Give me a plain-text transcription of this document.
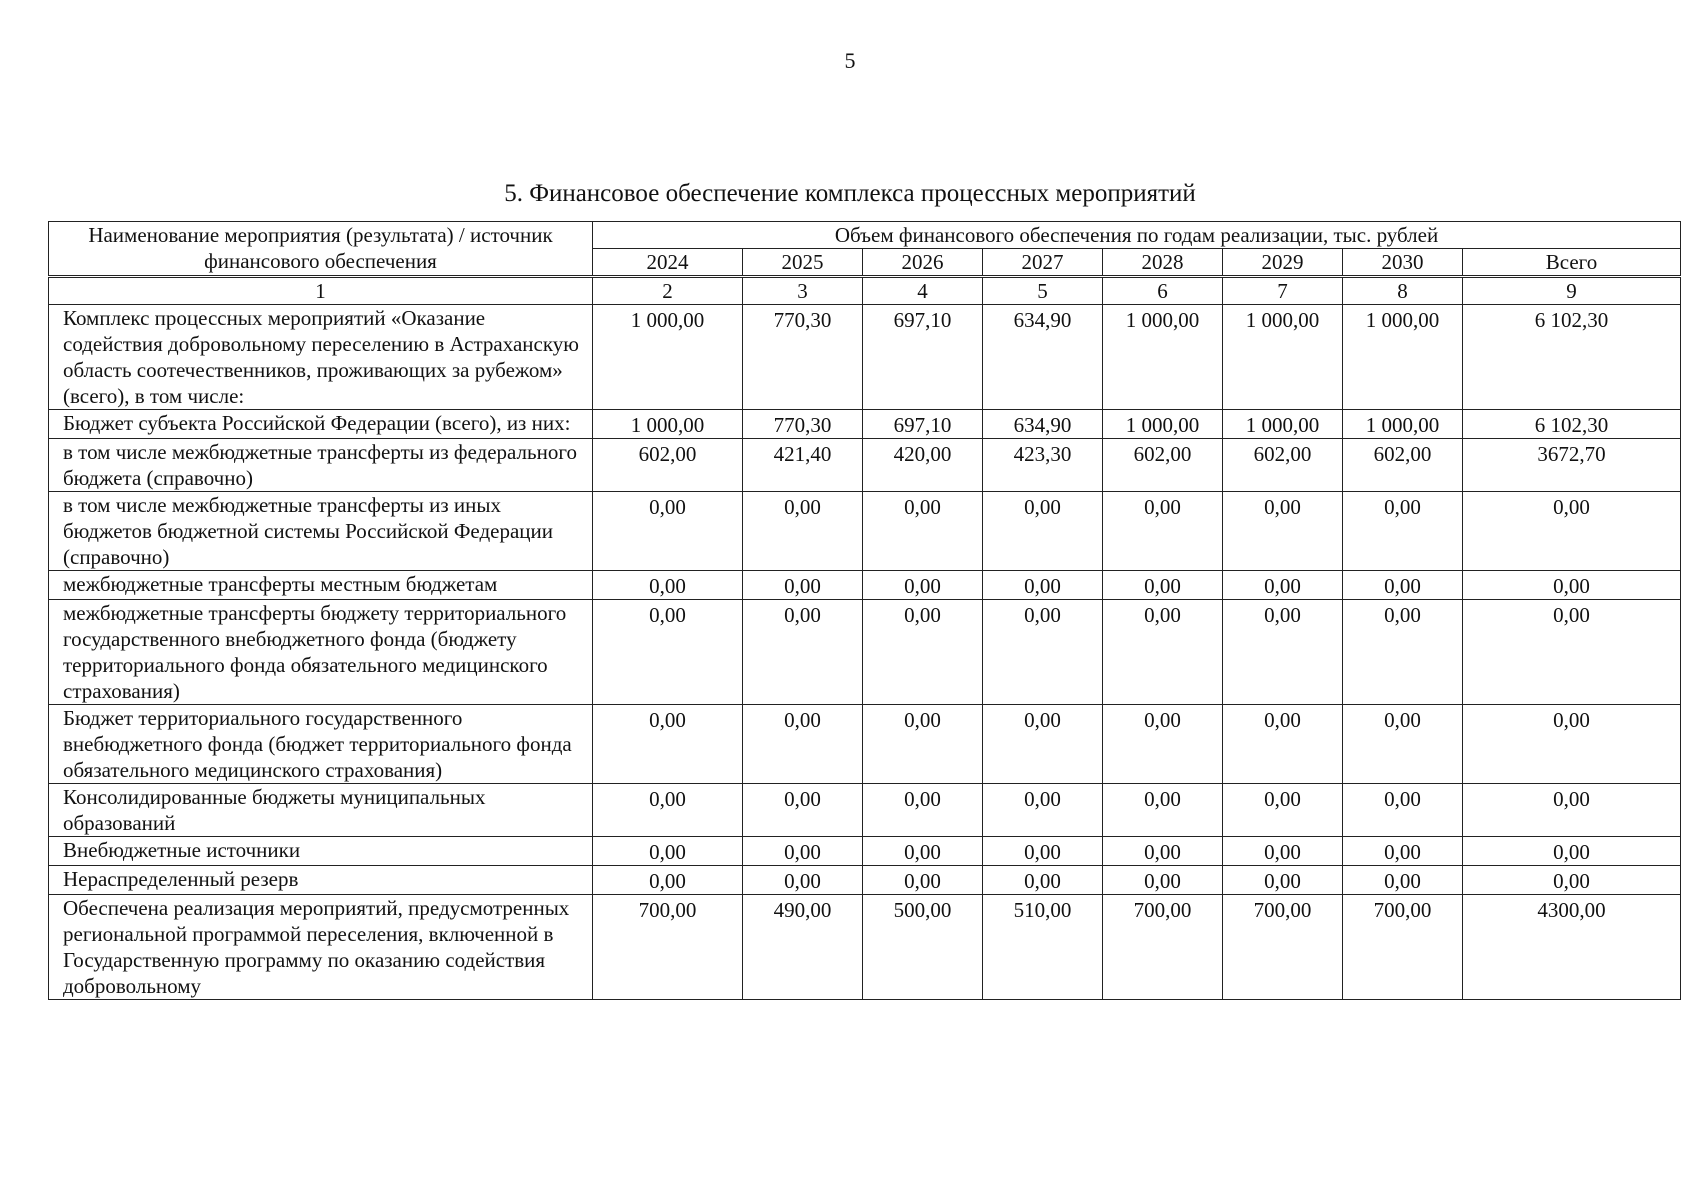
5
5. Финансовое обеспечение комплекса процессных мероприятий
Наименование мероприятия (результата) / источник финансового обеспечения	Объем финансового обеспечения по годам реализации, тыс. рублей							
	2024	2025	2026	2027	2028	2029	2030	Всего
1	2	3	4	5	6	7	8	9
Комплекс процессных мероприятий «Оказание содействия добровольному переселению в Астраханскую область соотечественников, проживающих за рубежом» (всего), в том числе:	1 000,00	770,30	697,10	634,90	1 000,00	1 000,00	1 000,00	6 102,30
Бюджет субъекта Российской Федерации (всего), из них:	1 000,00	770,30	697,10	634,90	1 000,00	1 000,00	1 000,00	6 102,30
в том числе межбюджетные трансферты из федерального бюджета (справочно)	602,00	421,40	420,00	423,30	602,00	602,00	602,00	3672,70
в том числе межбюджетные трансферты из иных бюджетов бюджетной системы Российской Федерации (справочно)	0,00	0,00	0,00	0,00	0,00	0,00	0,00	0,00
межбюджетные трансферты местным бюджетам	0,00	0,00	0,00	0,00	0,00	0,00	0,00	0,00
межбюджетные трансферты бюджету территориального государственного внебюджетного фонда (бюджету территориального фонда обязательного медицинского страхования)	0,00	0,00	0,00	0,00	0,00	0,00	0,00	0,00
Бюджет территориального государственного внебюджетного фонда (бюджет территориального фонда обязательного медицинского страхования)	0,00	0,00	0,00	0,00	0,00	0,00	0,00	0,00
Консолидированные бюджеты муниципальных образований	0,00	0,00	0,00	0,00	0,00	0,00	0,00	0,00
Внебюджетные источники	0,00	0,00	0,00	0,00	0,00	0,00	0,00	0,00
Нераспределенный резерв	0,00	0,00	0,00	0,00	0,00	0,00	0,00	0,00
Обеспечена реализация мероприятий, предусмотренных региональной программой переселения, включенной в Государственную программу по оказанию содействия добровольному	700,00	490,00	500,00	510,00	700,00	700,00	700,00	4300,00
